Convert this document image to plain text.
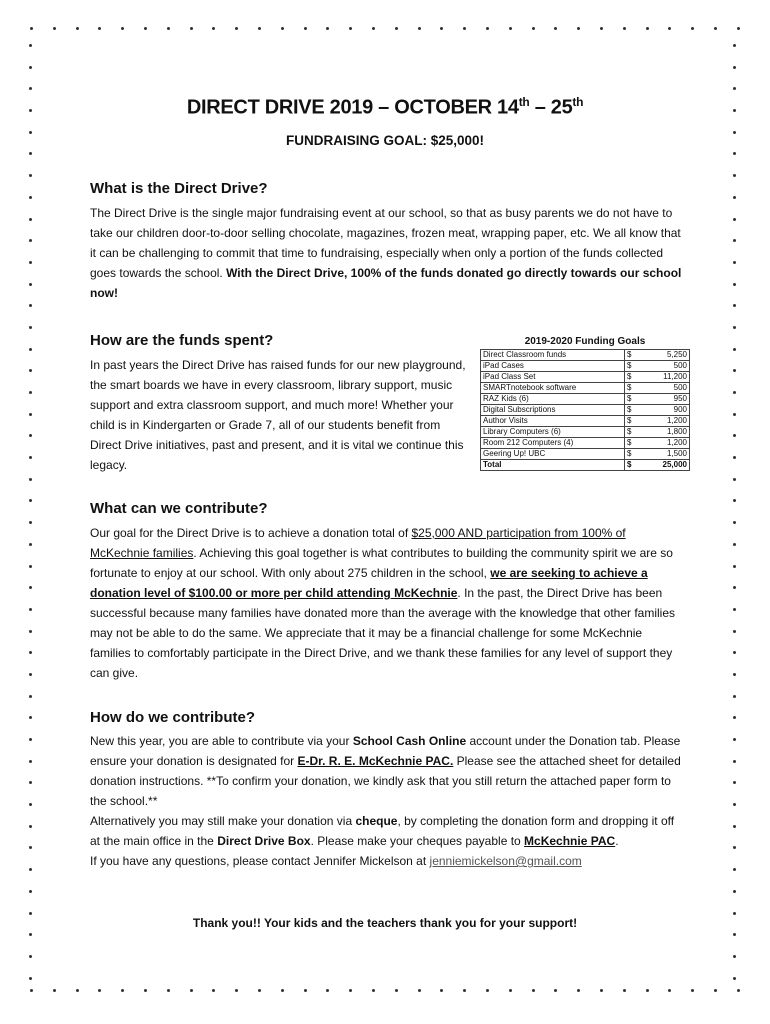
DIRECT DRIVE 2019 – OCTOBER 14th – 25th
FUNDRAISING GOAL: $25,000!
What is the Direct Drive?
The Direct Drive is the single major fundraising event at our school, so that as busy parents we do not have to take our children door-to-door selling chocolate, magazines, frozen meat, wrapping paper, etc. We all know that it can be challenging to commit that time to fundraising, especially when only a portion of the funds collected goes towards the school. With the Direct Drive, 100% of the funds donated go directly towards our school now!
How are the funds spent?
In past years the Direct Drive has raised funds for our new playground, the smart boards we have in every classroom, library support, music support and extra classroom support, and much more! Whether your child is in Kindergarten or Grade 7, all of our students benefit from Direct Drive initiatives, past and present, and it is vital we continue this legacy.
2019-2020 Funding Goals
Direct Classroom funds	$	5,250
iPad Cases	$	500
iPad Class Set	$	11,200
SMARTnotebook software	$	500
RAZ Kids (6)	$	950
Digital Subscriptions	$	900
Author Visits	$	1,200
Library Computers (6)	$	1,800
Room 212 Computers (4)	$	1,200
Geering Up! UBC	$	1,500
Total	$	25,000
What can we contribute?
Our goal for the Direct Drive is to achieve a donation total of $25,000 AND participation from 100% of McKechnie families. Achieving this goal together is what contributes to building the community spirit we are so fortunate to enjoy at our school. With only about 275 children in the school, we are seeking to achieve a donation level of $100.00 or more per child attending McKechnie. In the past, the Direct Drive has been successful because many families have donated more than the average with the knowledge that other families may not be able to do the same. We appreciate that it may be a financial challenge for some McKechnie families to comfortably participate in the Direct Drive, and we thank these families for any level of support they can give.
How do we contribute?
New this year, you are able to contribute via your School Cash Online account under the Donation tab. Please ensure your donation is designated for E-Dr. R. E. McKechnie PAC. Please see the attached sheet for detailed donation instructions. **To confirm your donation, we kindly ask that you still return the attached paper form to the school.**
Alternatively you may still make your donation via cheque, by completing the donation form and dropping it off at the main office in the Direct Drive Box. Please make your cheques payable to McKechnie PAC.
If you have any questions, please contact Jennifer Mickelson at jenniemickelson@gmail.com
Thank you!! Your kids and the teachers thank you for your support!
